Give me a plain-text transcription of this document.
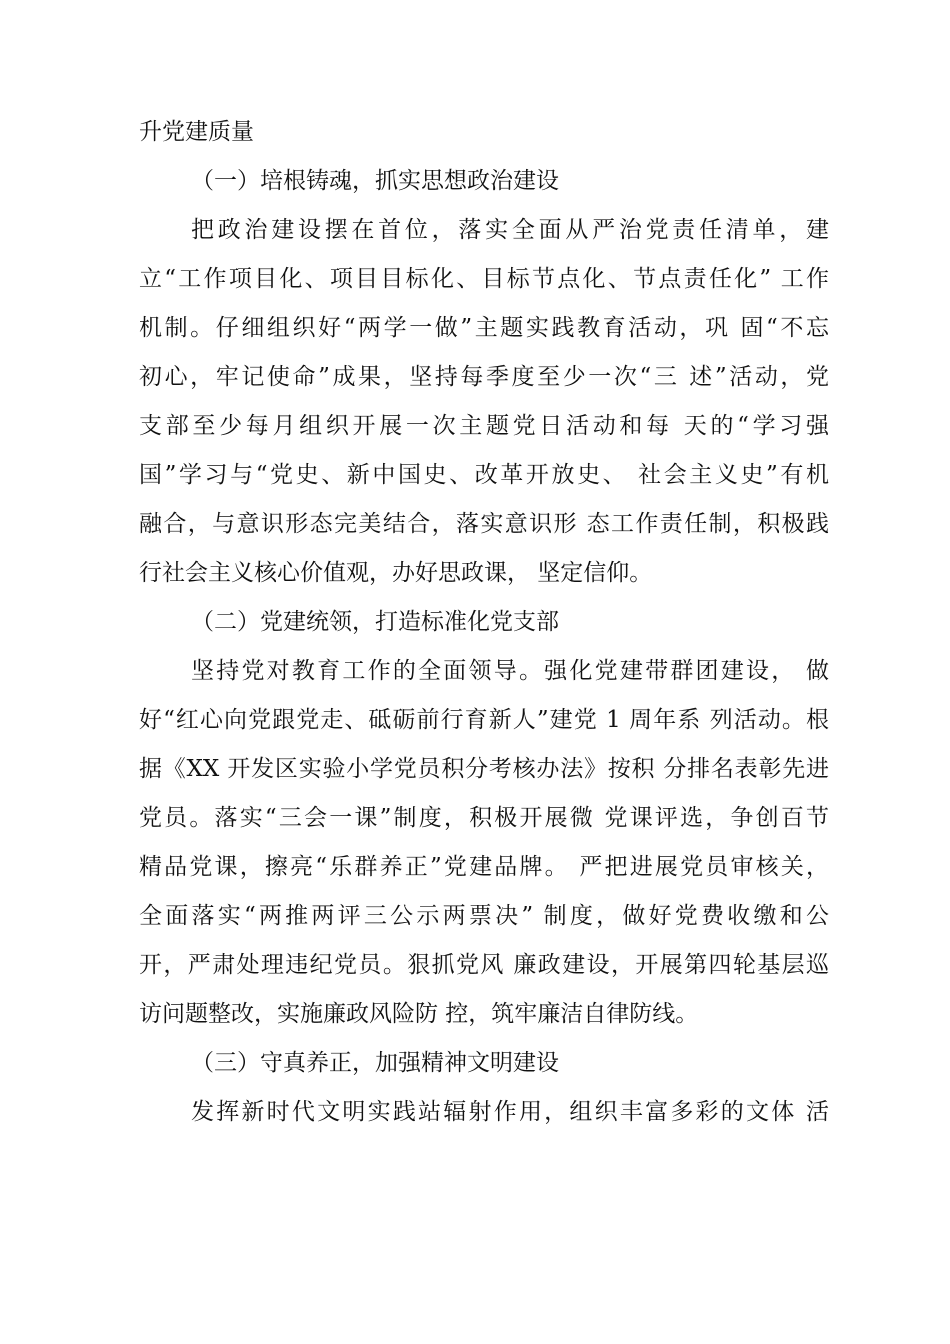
升党建质量
（一）培根铸魂，抓实思想政治建设
把政治建设摆在首位，落实全面从严治党责任清单，建
立“工作项目化、项目目标化、目标节点化、节点责任化” 工作
机制。仔细组织好“两学一做”主题实践教育活动，巩 固“不忘
初心，牢记使命”成果，坚持每季度至少一次“三 述”活动，党
支部至少每月组织开展一次主题党日活动和每 天的“学习强
国”学习与“党史、新中国史、改革开放史、 社会主义史”有机
融合，与意识形态完美结合，落实意识形 态工作责任制，积极践
行社会主义核心价值观，办好思政课， 坚定信仰。
（二）党建统领，打造标准化党支部
坚持党对教育工作的全面领导。强化党建带群团建设， 做
好“红心向党跟党走、砥砺前行育新人”建党 1 周年系 列活动。根
据《XX 开发区实验小学党员积分考核办法》按积 分排名表彰先进
党员。落实“三会一课”制度，积极开展微 党课评选，争创百节
精品党课，擦亮“乐群养正”党建品牌。 严把进展党员审核关，
全面落实“两推两评三公示两票决” 制度，做好党费收缴和公
开，严肃处理违纪党员。狠抓党风 廉政建设，开展第四轮基层巡
访问题整改，实施廉政风险防 控，筑牢廉洁自律防线。
（三）守真养正，加强精神文明建设
发挥新时代文明实践站辐射作用，组织丰富多彩的文体 活
